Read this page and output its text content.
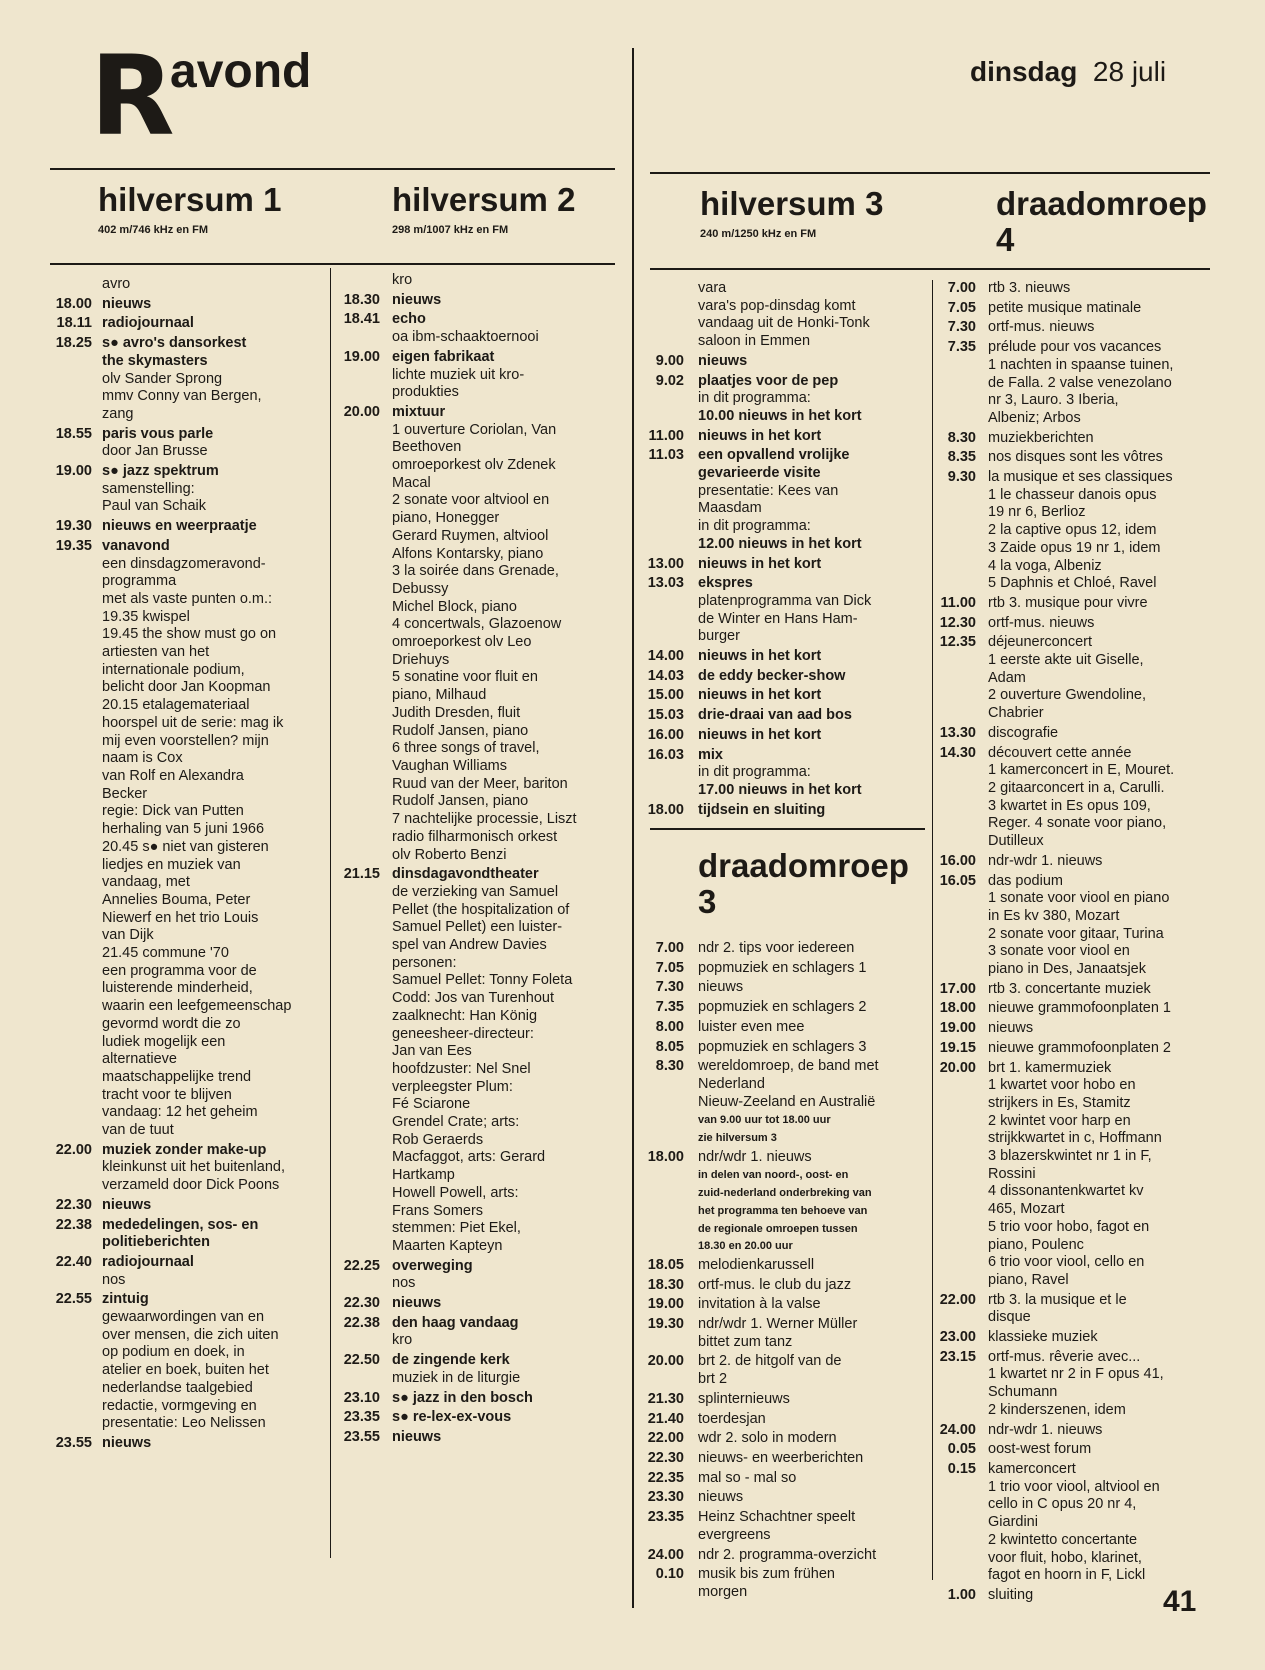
R
avond	dinsdag 28 juli
hilversum 1
402 m/746 kHz en FM
hilversum 2
298 m/1007 kHz en FM
hilversum 3
240 m/1250 kHz en FM
draadomroep
4
draadomroep
3
avro
18.00 nieuws
18.11 radiojournaal
18.25 s● avro's dansorkest
the skymasters
olv Sander Sprong
mmv Conny van Bergen,
zang
18.55 paris vous parle
door Jan Brusse
19.00 s● jazz spektrum
samenstelling:
Paul van Schaik
19.30 nieuws en weerpraatje
19.35 vanavond
een dinsdagzomeravond-
programma
met als vaste punten o.m.:
19.35 kwispel
19.45 the show must go on
artiesten van het
internationale podium,
belicht door Jan Koopman
20.15 etalagemateriaal
hoorspel uit de serie: mag ik
mij even voorstellen? mijn
naam is Cox
van Rolf en Alexandra
Becker
regie: Dick van Putten
herhaling van 5 juni 1966
20.45 s● niet van gisteren
liedjes en muziek van
vandaag, met
Annelies Bouma, Peter
Niewerf en het trio Louis
van Dijk
21.45 commune '70
een programma voor de
luisterende minderheid,
waarin een leefgemeenschap
gevormd wordt die zo
ludiek mogelijk een
alternatieve
maatschappelijke trend
tracht voor te blijven
vandaag: 12 het geheim
van de tuut
22.00 muziek zonder make-up
kleinkunst uit het buitenland,
verzameld door Dick Poons
22.30 nieuws
22.38 mededelingen, sos- en
politieberichten
22.40 radiojournaal
nos
22.55 zintuig
gewaarwordingen van en
over mensen, die zich uiten
op podium en doek, in
atelier en boek, buiten het
nederlandse taalgebied
redactie, vormgeving en
presentatie: Leo Nelissen
23.55 nieuws
kro
18.30 nieuws
18.41 echo
oa ibm-schaaktoernooi
19.00 eigen fabrikaat
lichte muziek uit kro-
produkties
20.00 mixtuur
1 ouverture Coriolan, Van
Beethoven
omroeporkest olv Zdenek
Macal
2 sonate voor altviool en
piano, Honegger
Gerard Ruymen, altviool
Alfons Kontarsky, piano
3 la soirée dans Grenade,
Debussy
Michel Block, piano
4 concertwals, Glazoenow
omroeporkest olv Leo
Driehuys
5 sonatine voor fluit en
piano, Milhaud
Judith Dresden, fluit
Rudolf Jansen, piano
6 three songs of travel,
Vaughan Williams
Ruud van der Meer, bariton
Rudolf Jansen, piano
7 nachtelijke processie, Liszt
radio filharmonisch orkest
olv Roberto Benzi
21.15 dinsdagavondtheater
de verzieking van Samuel
Pellet (the hospitalization of
Samuel Pellet) een luister-
spel van Andrew Davies
personen:
Samuel Pellet: Tonny Foleta
Codd: Jos van Turenhout
zaalknecht: Han König
geneesheer-directeur:
Jan van Ees
hoofdzuster: Nel Snel
verpleegster Plum:
Fé Sciarone
Grendel Crate; arts:
Rob Geraerds
Macfaggot, arts: Gerard
Hartkamp
Howell Powell, arts:
Frans Somers
stemmen: Piet Ekel,
Maarten Kapteyn
22.25 overweging
nos
22.30 nieuws
22.38 den haag vandaag
kro
22.50 de zingende kerk
muziek in de liturgie
23.10 s● jazz in den bosch
23.35 s● re-lex-ex-vous
23.55 nieuws
vara
vara's pop-dinsdag komt
vandaag uit de Honki-Tonk
saloon in Emmen
9.00 nieuws
9.02 plaatjes voor de pep
in dit programma:
10.00 nieuws in het kort
11.00 nieuws in het kort
11.03 een opvallend vrolijke
gevarieerde visite
presentatie: Kees van
Maasdam
in dit programma:
12.00 nieuws in het kort
13.00 nieuws in het kort
13.03 ekspres
platenprogramma van Dick
de Winter en Hans Ham-
burger
14.00 nieuws in het kort
14.03 de eddy becker-show
15.00 nieuws in het kort
15.03 drie-draai van aad bos
16.00 nieuws in het kort
16.03 mix
in dit programma:
17.00 nieuws in het kort
18.00 tijdsein en sluiting
7.00 ndr 2. tips voor iedereen
7.05 popmuziek en schlagers 1
7.30 nieuws
7.35 popmuziek en schlagers 2
8.00 luister even mee
8.05 popmuziek en schlagers 3
8.30 wereldomroep, de band met
Nederland
Nieuw-Zeeland en Australië
van 9.00 uur tot 18.00 uur
zie hilversum 3
18.00 ndr/wdr 1. nieuws
in delen van noord-, oost- en
zuid-nederland onderbreking van
het programma ten behoeve van
de regionale omroepen tussen
18.30 en 20.00 uur
18.05 melodienkarussell
18.30 ortf-mus. le club du jazz
19.00 invitation à la valse
19.30 ndr/wdr 1. Werner Müller
bittet zum tanz
20.00 brt 2. de hitgolf van de
brt 2
21.30 splinternieuws
21.40 toerdesjan
22.00 wdr 2. solo in modern
22.30 nieuws- en weerberichten
22.35 mal so - mal so
23.30 nieuws
23.35 Heinz Schachtner speelt
evergreens
24.00 ndr 2. programma-overzicht
0.10 musik bis zum frühen
morgen
7.00 rtb 3. nieuws
7.05 petite musique matinale
7.30 ortf-mus. nieuws
7.35 prélude pour vos vacances
1 nachten in spaanse tuinen,
de Falla. 2 valse venezolano
nr 3, Lauro. 3 Iberia,
Albeniz; Arbos
8.30 muziekberichten
8.35 nos disques sont les vôtres
9.30 la musique et ses classiques
1 le chasseur danois opus
19 nr 6, Berlioz
2 la captive opus 12, idem
3 Zaide opus 19 nr 1, idem
4 la voga, Albeniz
5 Daphnis et Chloé, Ravel
11.00 rtb 3. musique pour vivre
12.30 ortf-mus. nieuws
12.35 déjeunerconcert
1 eerste akte uit Giselle,
Adam
2 ouverture Gwendoline,
Chabrier
13.30 discografie
14.30 découvert cette année
1 kamerconcert in E, Mouret.
2 gitaarconcert in a, Carulli.
3 kwartet in Es opus 109,
Reger. 4 sonate voor piano,
Dutilleux
16.00 ndr-wdr 1. nieuws
16.05 das podium
1 sonate voor viool en piano
in Es kv 380, Mozart
2 sonate voor gitaar, Turina
3 sonate voor viool en
piano in Des, Janaatsjek
17.00 rtb 3. concertante muziek
18.00 nieuwe grammofoonplaten 1
19.00 nieuws
19.15 nieuwe grammofoonplaten 2
20.00 brt 1. kamermuziek
1 kwartet voor hobo en
strijkers in Es, Stamitz
2 kwintet voor harp en
strijkkwartet in c, Hoffmann
3 blazerskwintet nr 1 in F,
Rossini
4 dissonantenkwartet kv
465, Mozart
5 trio voor hobo, fagot en
piano, Poulenc
6 trio voor viool, cello en
piano, Ravel
22.00 rtb 3. la musique et le
disque
23.00 klassieke muziek
23.15 ortf-mus. rêverie avec...
1 kwartet nr 2 in F opus 41,
Schumann
2 kinderszenen, idem
24.00 ndr-wdr 1. nieuws
0.05 oost-west forum
0.15 kamerconcert
1 trio voor viool, altviool en
cello in C opus 20 nr 4,
Giardini
2 kwintetto concertante
voor fluit, hobo, klarinet,
fagot en hoorn in F, Lickl
1.00 sluiting	41
